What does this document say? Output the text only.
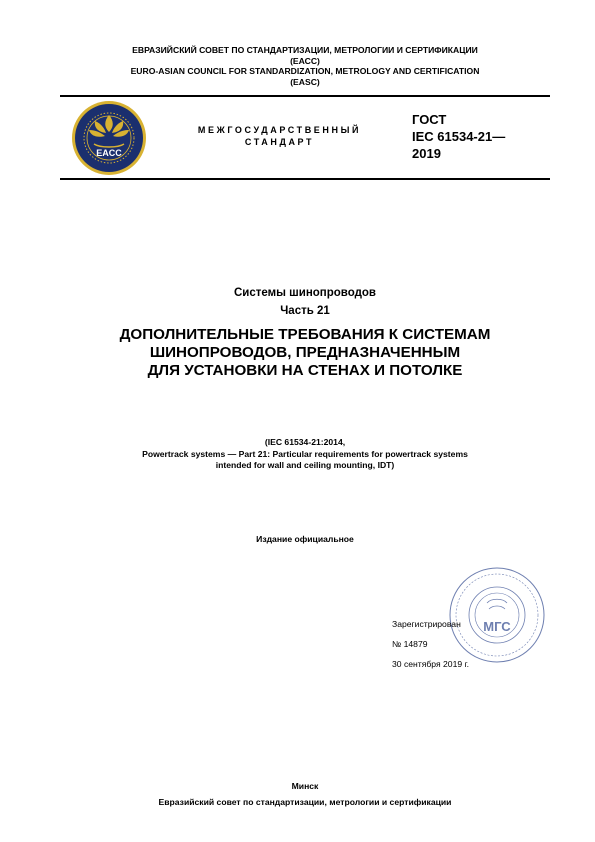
ЕВРАЗИЙСКИЙ СОВЕТ ПО СТАНДАРТИЗАЦИИ, МЕТРОЛОГИИ И СЕРТИФИКАЦИИ
(ЕАСС)
EURO-ASIAN COUNCIL FOR STANDARDIZATION, METROLOGY AND CERTIFICATION
(EASC)
EACC
МЕЖГОСУДАРСТВЕННЫЙ
СТАНДАРТ
ГОСТ
IEC 61534-21—
2019
Системы шинопроводов
Часть 21
ДОПОЛНИТЕЛЬНЫЕ ТРЕБОВАНИЯ К СИСТЕМАМ
ШИНОПРОВОДОВ, ПРЕДНАЗНАЧЕННЫМ
ДЛЯ УСТАНОВКИ НА СТЕНАХ И ПОТОЛКЕ
(IEC 61534-21:2014,
Powertrack systems — Part 21: Particular requirements for powertrack systems
intended for wall and ceiling mounting, IDT)
Издание официальное
МГС
Зарегистрирован
№ 14879
30 сентября 2019 г.
Минск
Евразийский совет по стандартизации, метрологии и сертификации
